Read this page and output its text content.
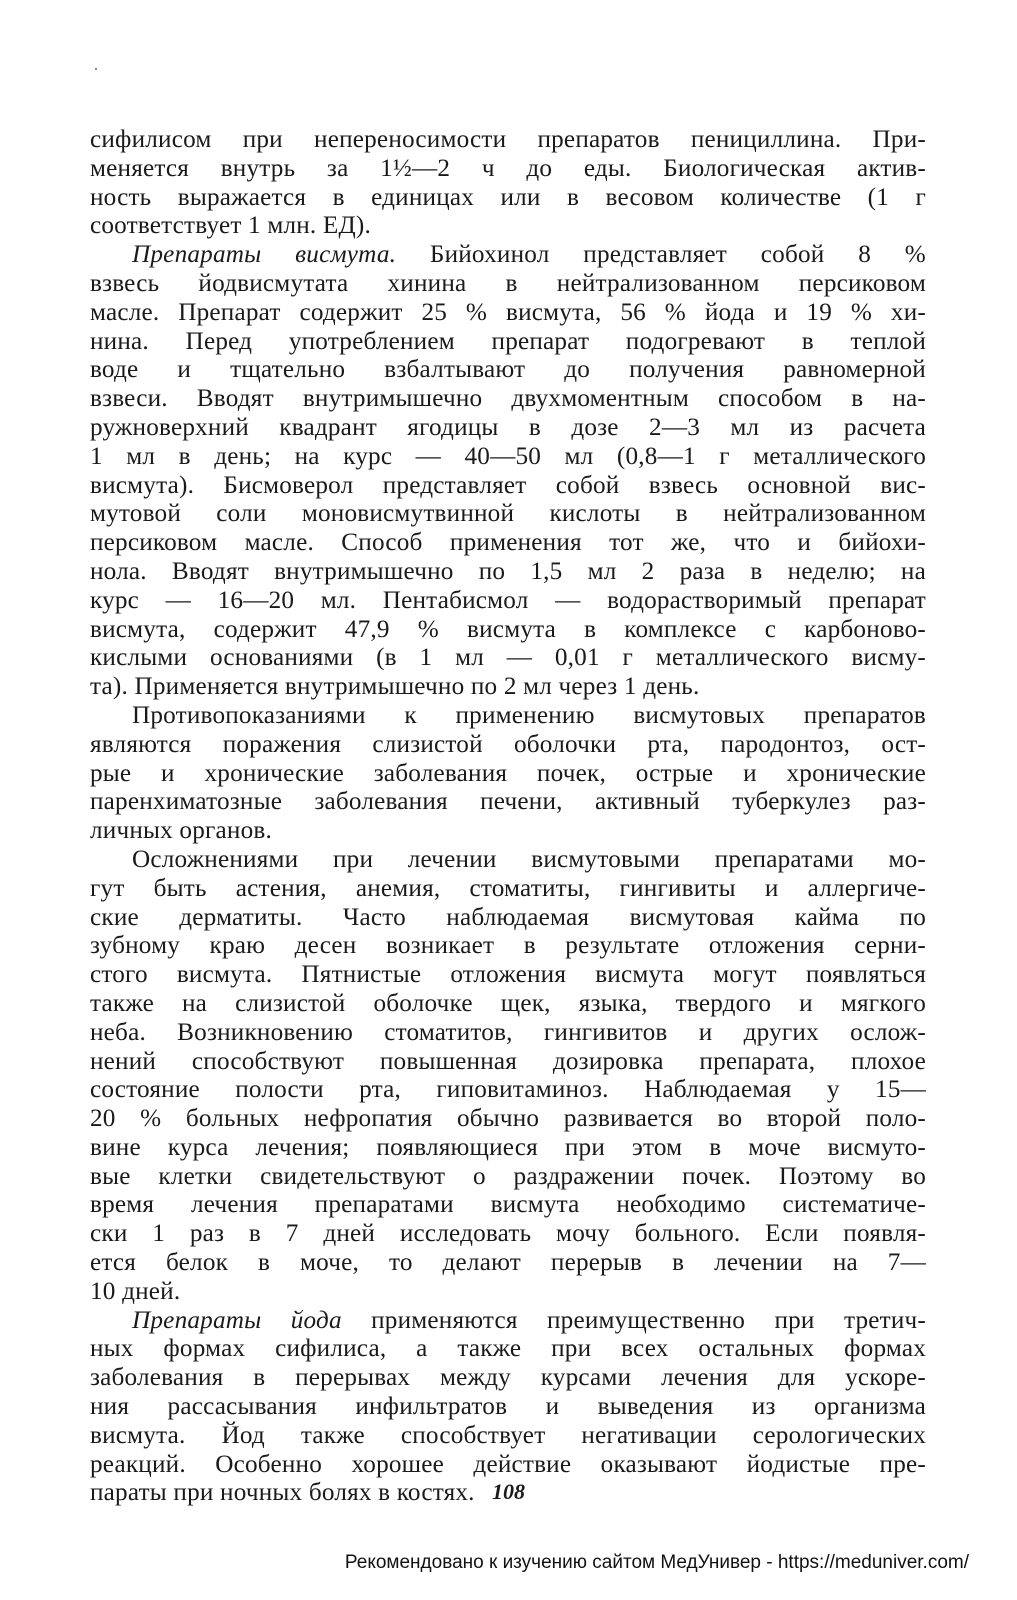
сифилисом при непереносимости препаратов пенициллина. При-
меняется внутрь за 1½—2 ч до еды. Биологическая актив-
ность выражается в единицах или в весовом количестве (1 г
соответствует 1 млн. ЕД).
Препараты висмута. Бийохинол представляет собой 8 %
взвесь йодвисмутата хинина в нейтрализованном персиковом
масле. Препарат содержит 25 % висмута, 56 % йода и 19 % хи-
нина. Перед употреблением препарат подогревают в теплой
воде и тщательно взбалтывают до получения равномерной
взвеси. Вводят внутримышечно двухмоментным способом в на-
ружноверхний квадрант ягодицы в дозе 2—3 мл из расчета
1 мл в день; на курс — 40—50 мл (0,8—1 г металлического
висмута). Бисмоверол представляет собой взвесь основной вис-
мутовой соли моновисмутвинной кислоты в нейтрализованном
персиковом масле. Способ применения тот же, что и бийохи-
нола. Вводят внутримышечно по 1,5 мл 2 раза в неделю; на
курс — 16—20 мл. Пентабисмол — водорастворимый препарат
висмута, содержит 47,9 % висмута в комплексе с карбоново-
кислыми основаниями (в 1 мл — 0,01 г металлического висму-
та). Применяется внутримышечно по 2 мл через 1 день.
Противопоказаниями к применению висмутовых препаратов
являются поражения слизистой оболочки рта, пародонтоз, ост-
рые и хронические заболевания почек, острые и хронические
паренхиматозные заболевания печени, активный туберкулез раз-
личных органов.
Осложнениями при лечении висмутовыми препаратами мо-
гут быть астения, анемия, стоматиты, гингивиты и аллергиче-
ские дерматиты. Часто наблюдаемая висмутовая кайма по
зубному краю десен возникает в результате отложения серни-
стого висмута. Пятнистые отложения висмута могут появляться
также на слизистой оболочке щек, языка, твердого и мягкого
неба. Возникновению стоматитов, гингивитов и других ослож-
нений способствуют повышенная дозировка препарата, плохое
состояние полости рта, гиповитаминоз. Наблюдаемая у 15—
20 % больных нефропатия обычно развивается во второй поло-
вине курса лечения; появляющиеся при этом в моче висмуто-
вые клетки свидетельствуют о раздражении почек. Поэтому во
время лечения препаратами висмута необходимо систематиче-
ски 1 раз в 7 дней исследовать мочу больного. Если появля-
ется белок в моче, то делают перерыв в лечении на 7—
10 дней.
Препараты йода применяются преимущественно при третич-
ных формах сифилиса, а также при всех остальных формах
заболевания в перерывах между курсами лечения для ускоре-
ния рассасывания инфильтратов и выведения из организма
висмута. Йод также способствует негативации серологических
реакций. Особенно хорошее действие оказывают йодистые пре-
параты при ночных болях в костях. 108
Рекомендовано к изучению сайтом МедУнивер - https://meduniver.com/
